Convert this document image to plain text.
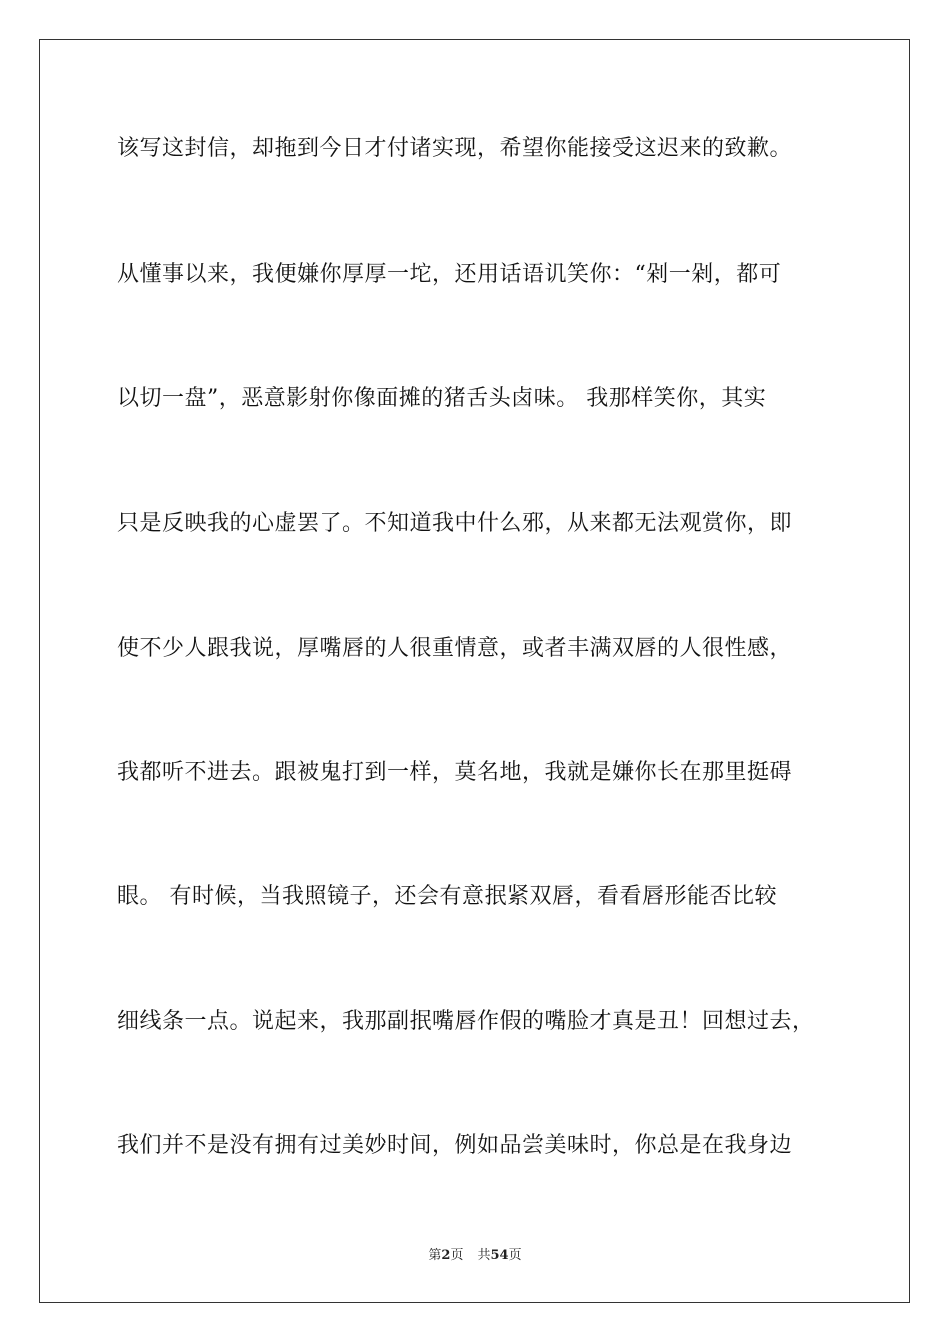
该写这封信，却拖到今日才付诸实现，希望你能接受这迟来的致歉。
从懂事以来，我便嫌你厚厚一坨，还用话语讥笑你：“剁一剁，都可
以切一盘”，恶意影射你像面摊的猪舌头卤味。 我那样笑你，其实
只是反映我的心虚罢了。不知道我中什么邪，从来都无法观赏你，即
使不少人跟我说，厚嘴唇的人很重情意，或者丰满双唇的人很性感，
我都听不进去。跟被鬼打到一样，莫名地，我就是嫌你长在那里挺碍
眼。 有时候，当我照镜子，还会有意抿紧双唇，看看唇形能否比较
细线条一点。说起来，我那副抿嘴唇作假的嘴脸才真是丑！回想过去，
我们并不是没有拥有过美妙时间，例如品尝美味时，你总是在我身边
第2页 共54页
